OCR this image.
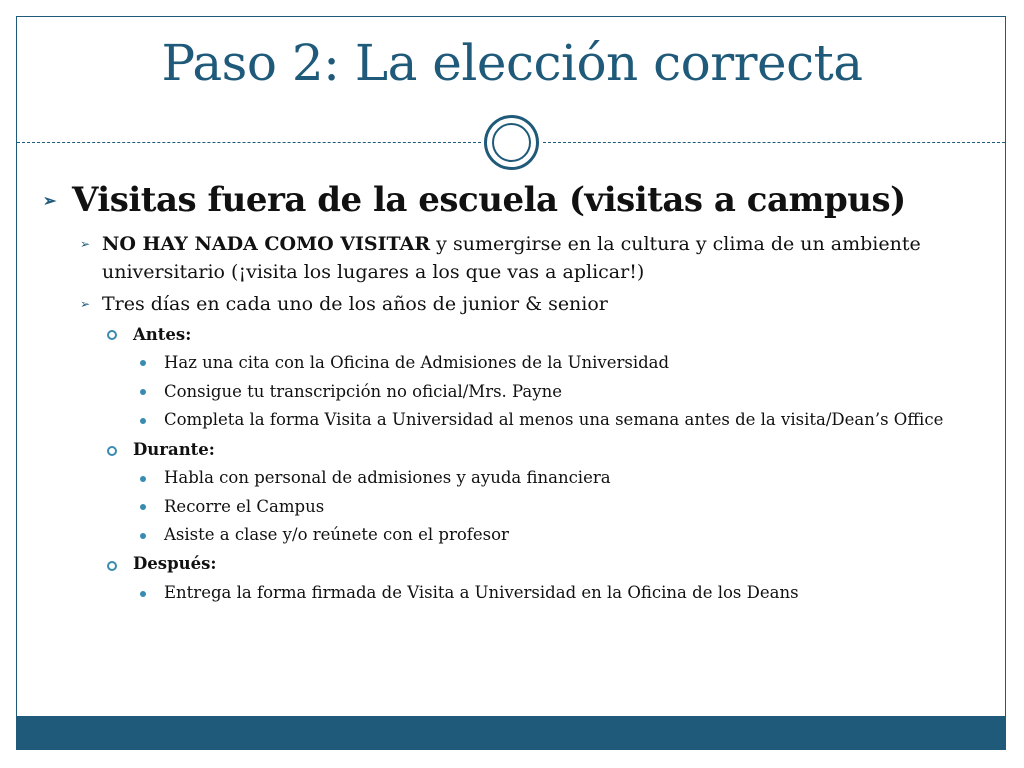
Paso 2: La elección correcta
➢ Visitas fuera de la escuela (visitas a campus)
➢ NO HAY NADA COMO VISITAR y sumergirse en la cultura y clima de un ambiente
universitario (¡visita los lugares a los que vas a aplicar!)
➢ Tres días en cada uno de los años de junior & senior
Antes:
Haz una cita con la Oficina de Admisiones de la Universidad
Consigue tu transcripción no oficial/Mrs. Payne
Completa la forma Visita a Universidad al menos una semana antes de la visita/Dean’s Office
Durante:
Habla con personal de admisiones y ayuda financiera
Recorre el Campus
Asiste a clase y/o reúnete con el profesor
Después:
Entrega la forma firmada de Visita a Universidad en la Oficina de los Deans
